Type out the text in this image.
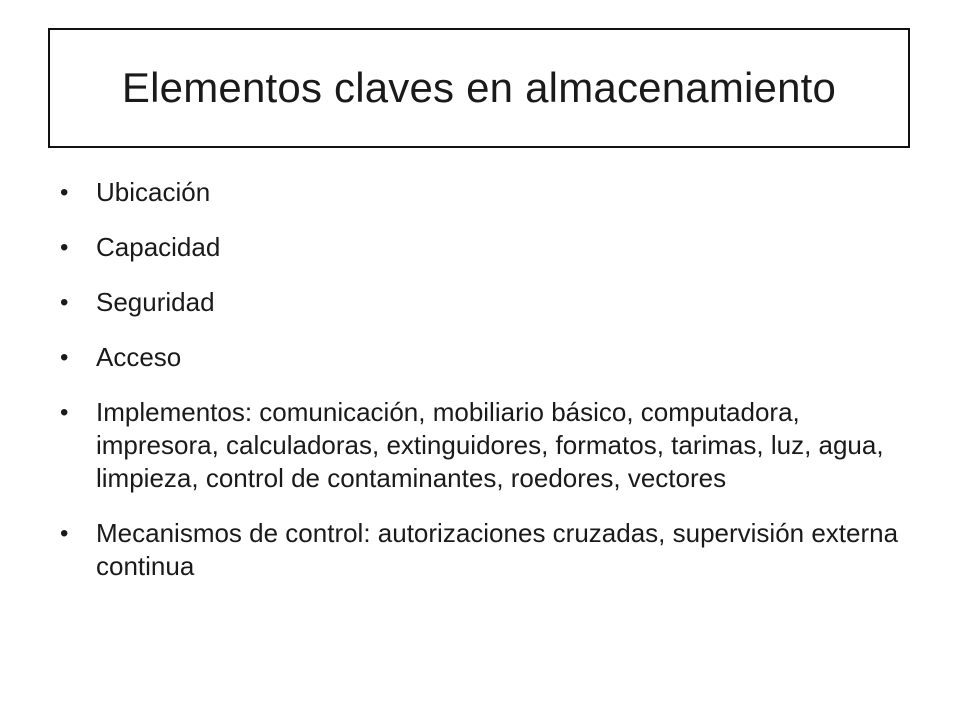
Elementos claves en almacenamiento
•	Ubicación
•	Capacidad
•	Seguridad
•	Acceso
•	Implementos: comunicación, mobiliario básico, computadora, impresora, calculadoras, extinguidores, formatos, tarimas, luz, agua, limpieza, control de contaminantes, roedores, vectores
•	Mecanismos de control: autorizaciones cruzadas, supervisión externa continua
